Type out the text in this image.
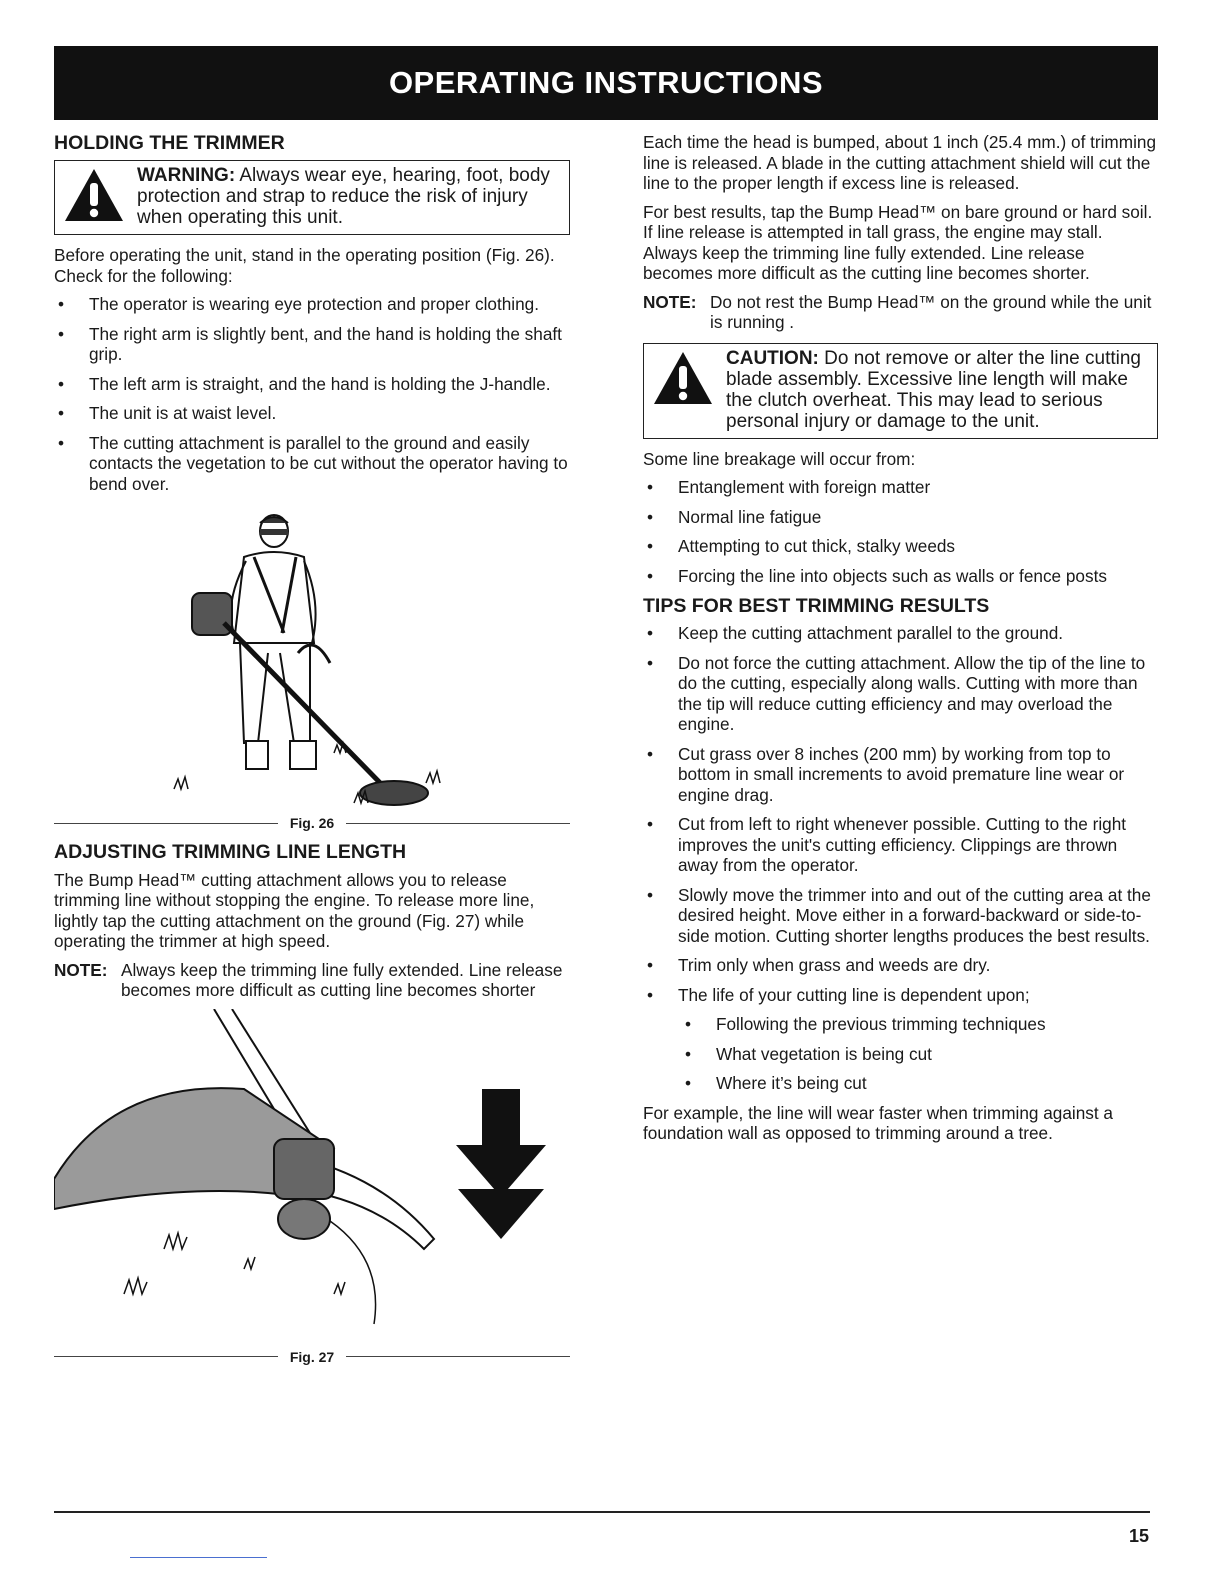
OPERATING INSTRUCTIONS
HOLDING THE TRIMMER
WARNING: Always wear eye, hearing, foot, body protection and strap to reduce the risk of injury when operating this unit.

Before operating the unit, stand in the operating position (Fig. 26). Check for the following:

• The operator is wearing eye protection and proper clothing.
• The right arm is slightly bent, and the hand is holding the shaft grip.
• The left arm is straight, and the hand is holding the J-handle.
• The unit is at waist level.
• The cutting attachment is parallel to the ground and easily contacts the vegetation to be cut without the operator having to bend over.
Fig. 26
ADJUSTING TRIMMING LINE LENGTH

The Bump Head™ cutting attachment allows you to release trimming line without stopping the engine. To release more line, lightly tap the cutting attachment on the ground (Fig. 27) while operating the trimmer at high speed.

NOTE: Always keep the trimming line fully extended. Line release becomes more difficult as cutting line becomes shorter
Fig. 27

Each time the head is bumped, about 1 inch (25.4 mm.) of trimming line is released. A blade in the cutting attachment shield will cut the line to the proper length if excess line is released.

For best results, tap the Bump Head™ on bare ground or hard soil. If line release is attempted in tall grass, the engine may stall. Always keep the trimming line fully extended. Line release becomes more difficult as the cutting line becomes shorter.

NOTE: Do not rest the Bump Head™ on the ground while the unit is running .
CAUTION: Do not remove or alter the line cutting blade assembly. Excessive line length will make the clutch overheat. This may lead to serious personal injury or damage to the unit.

Some line breakage will occur from:

• Entanglement with foreign matter
• Normal line fatigue
• Attempting to cut thick, stalky weeds
• Forcing the line into objects such as walls or fence posts
TIPS FOR BEST TRIMMING RESULTS
• Keep the cutting attachment parallel to the ground.
• Do not force the cutting attachment. Allow the tip of the line to do the cutting, especially along walls. Cutting with more than the tip will reduce cutting efficiency and may overload the engine.
• Cut grass over 8 inches (200 mm) by working from top to bottom in small increments to avoid premature line wear or engine drag.
• Cut from left to right whenever possible. Cutting to the right improves the unit's cutting efficiency. Clippings are thrown away from the operator.
• Slowly move the trimmer into and out of the cutting area at the desired height. Move either in a forward-backward or side-to-side motion. Cutting shorter lengths produces the best results.
• Trim only when grass and weeds are dry.
• The life of your cutting line is dependent upon;
• Following the previous trimming techniques
• What vegetation is being cut
• Where it’s being cut

For example, the line will wear faster when trimming against a foundation wall as opposed to trimming around a tree.

15
